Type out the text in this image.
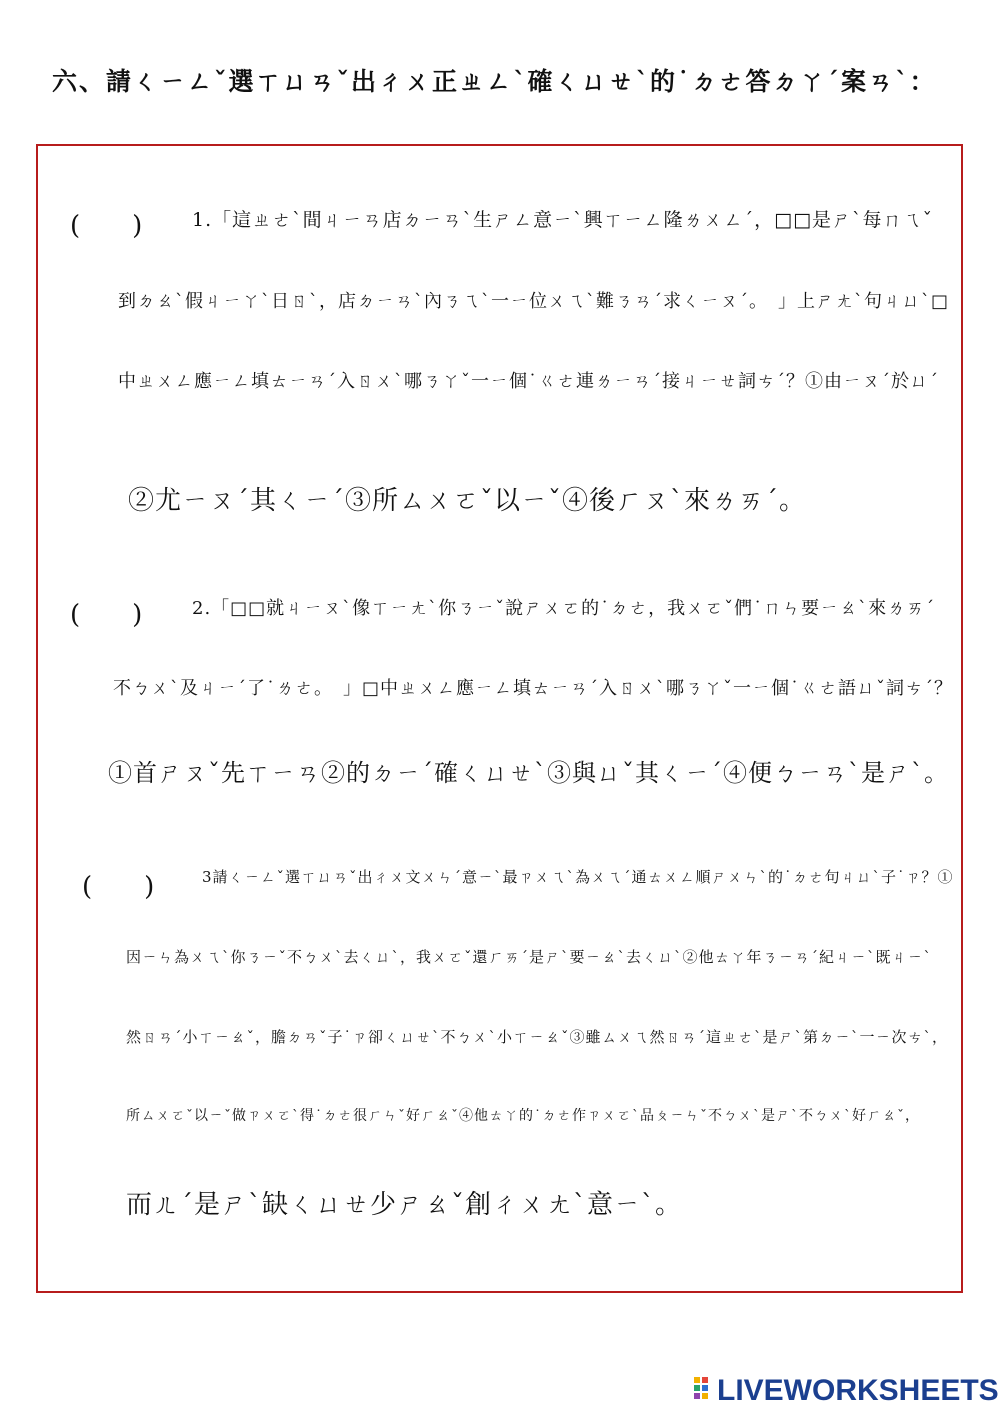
六、請ㄑㄧㄥˇ選ㄒㄩㄢˇ出ㄔㄨ正ㄓㄥˋ確ㄑㄩㄝˋ的˙ㄉㄜ答ㄉㄚˊ案ㄢˋ：
(　　)	1.「這ㄓㄜˋ間ㄐㄧㄢ店ㄉㄧㄢˋ生ㄕㄥ意ㄧˋ興ㄒㄧㄥ隆ㄌㄨㄥˊ，□□是ㄕˋ每ㄇㄟˇ
到ㄉㄠˋ假ㄐㄧㄚˋ日ㄖˋ，店ㄉㄧㄢˋ內ㄋㄟˋ一ㄧ位ㄨㄟˋ難ㄋㄢˊ求ㄑㄧㄡˊ。　」上ㄕㄤˋ句ㄐㄩˋ□
中ㄓㄨㄥ應ㄧㄥ填ㄊㄧㄢˊ入ㄖㄨˋ哪ㄋㄚˇ一ㄧ個˙ㄍㄜ連ㄌㄧㄢˊ接ㄐㄧㄝ詞ㄘˊ？①由ㄧㄡˊ於ㄩˊ
②尤ㄧㄡˊ其ㄑㄧˊ③所ㄙㄨㄛˇ以ㄧˇ④後ㄏㄡˋ來ㄌㄞˊ。
(　　)	2.「□□就ㄐㄧㄡˋ像ㄒㄧㄤˋ你ㄋㄧˇ說ㄕㄨㄛ的˙ㄉㄜ，我ㄨㄛˇ們˙ㄇㄣ要ㄧㄠˋ來ㄌㄞˊ
不ㄅㄨˋ及ㄐㄧˊ了˙ㄌㄜ。　」□中ㄓㄨㄥ應ㄧㄥ填ㄊㄧㄢˊ入ㄖㄨˋ哪ㄋㄚˇ一ㄧ個˙ㄍㄜ語ㄩˇ詞ㄘˊ？
①首ㄕㄡˇ先ㄒㄧㄢ②的ㄉㄧˊ確ㄑㄩㄝˋ③與ㄩˇ其ㄑㄧˊ④便ㄅㄧㄢˋ是ㄕˋ。
(　　)	3請ㄑㄧㄥˇ選ㄒㄩㄢˇ出ㄔㄨ文ㄨㄣˊ意ㄧˋ最ㄗㄨㄟˋ為ㄨㄟˊ通ㄊㄨㄥ順ㄕㄨㄣˋ的˙ㄉㄜ句ㄐㄩˋ子˙ㄗ？①
因ㄧㄣ為ㄨㄟˋ你ㄋㄧˇ不ㄅㄨˋ去ㄑㄩˋ，我ㄨㄛˇ還ㄏㄞˊ是ㄕˋ要ㄧㄠˋ去ㄑㄩˋ②他ㄊㄚ年ㄋㄧㄢˊ紀ㄐㄧˋ既ㄐㄧˋ
然ㄖㄢˊ小ㄒㄧㄠˇ，膽ㄉㄢˇ子˙ㄗ卻ㄑㄩㄝˋ不ㄅㄨˋ小ㄒㄧㄠˇ③雖ㄙㄨㄟ然ㄖㄢˊ這ㄓㄜˋ是ㄕˋ第ㄉㄧˋ一ㄧ次ㄘˋ，
所ㄙㄨㄛˇ以ㄧˇ做ㄗㄨㄛˋ得˙ㄉㄜ很ㄏㄣˇ好ㄏㄠˇ④他ㄊㄚ的˙ㄉㄜ作ㄗㄨㄛˋ品ㄆㄧㄣˇ不ㄅㄨˋ是ㄕˋ不ㄅㄨˋ好ㄏㄠˇ，
而ㄦˊ是ㄕˋ缺ㄑㄩㄝ少ㄕㄠˇ創ㄔㄨㄤˋ意ㄧˋ。
LIVEWORKSHEETS
